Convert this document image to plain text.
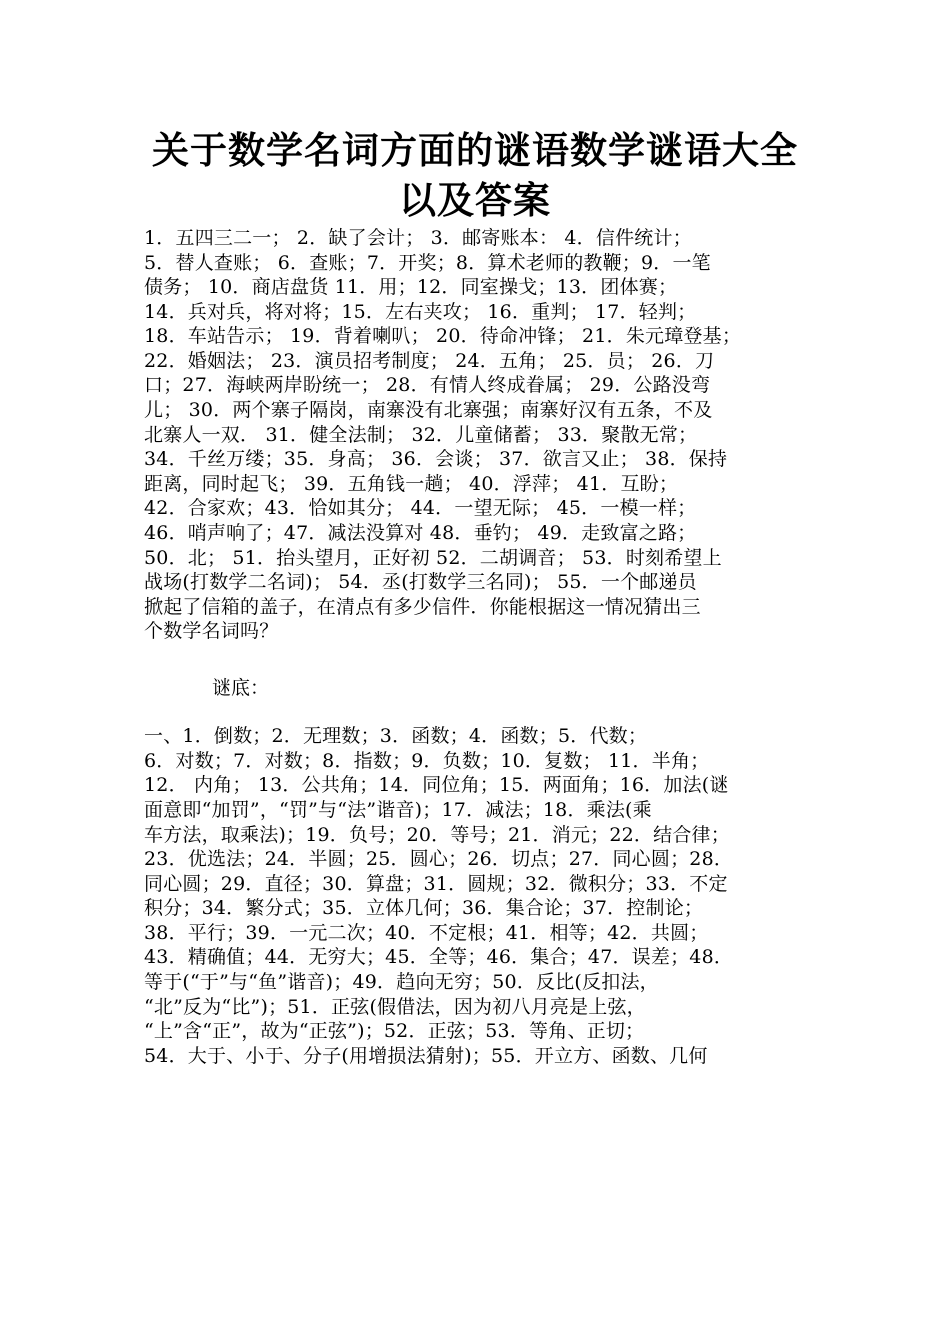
关于数学名词方面的谜语数学谜语大全
以及答案
1．五四三二一； 2．缺了会计； 3．邮寄账本： 4．信件统计；
5．替人查账； 6．查账；7．开奖；8．算术老师的教鞭；9．一笔
债务； 10．商店盘货 11．用；12．同室操戈；13．团体赛；
14．兵对兵，将对将；15．左右夹攻； 16．重判； 17．轻判；
18．车站告示； 19．背着喇叭； 20．待命冲锋； 21．朱元璋登基；
22．婚姻法； 23．演员招考制度； 24．五角； 25．员； 26．刀
口；27．海峡两岸盼统一； 28．有情人终成眷属； 29．公路没弯
儿； 30．两个寨子隔岗，南寨没有北寨强；南寨好汉有五条，不及
北寨人一双． 31．健全法制； 32．儿童储蓄； 33．聚散无常；
34．千丝万缕；35．身高； 36．会谈； 37．欲言又止； 38．保持
距离，同时起飞； 39．五角钱一趟； 40．浮萍； 41．互盼；
42．合家欢；43．恰如其分； 44．一望无际； 45．一模一样；
46．哨声响了；47．减法没算对 48．垂钓； 49．走致富之路；
50．北； 51．抬头望月，正好初 52．二胡调音； 53．时刻希望上
战场(打数学二名词)； 54．丞(打数学三名同)； 55．一个邮递员
掀起了信箱的盖子，在清点有多少信件．你能根据这一情况猜出三
个数学名词吗？
谜底：
一、1．倒数；2．无理数；3．函数；4．函数；5．代数；
6．对数；7．对数；8．指数；9．负数；10．复数； 11．半角；
12． 内角； 13．公共角；14．同位角；15．两面角；16．加法(谜
面意即“加罚”，“罚”与“法”谐音)；17．减法；18．乘法(乘
车方法，取乘法)；19．负号；20．等号；21．消元；22．结合律；
23．优选法；24．半圆；25．圆心；26．切点；27．同心圆；28．
同心圆；29．直径；30．算盘；31．圆规；32．微积分；33．不定
积分；34．繁分式；35．立体几何；36．集合论；37．控制论；
38．平行；39．一元二次；40．不定根；41．相等；42．共圆；
43．精确值；44．无穷大；45．全等；46．集合；47．误差；48．
等于(“于”与“鱼”谐音)；49．趋向无穷；50．反比(反扣法，
“北”反为“比”)；51．正弦(假借法，因为初八月亮是上弦，
“上”含“正”，故为“正弦”)；52．正弦；53．等角、正切；
54．大于、小于、分子(用增损法猜射)；55．开立方、函数、几何
